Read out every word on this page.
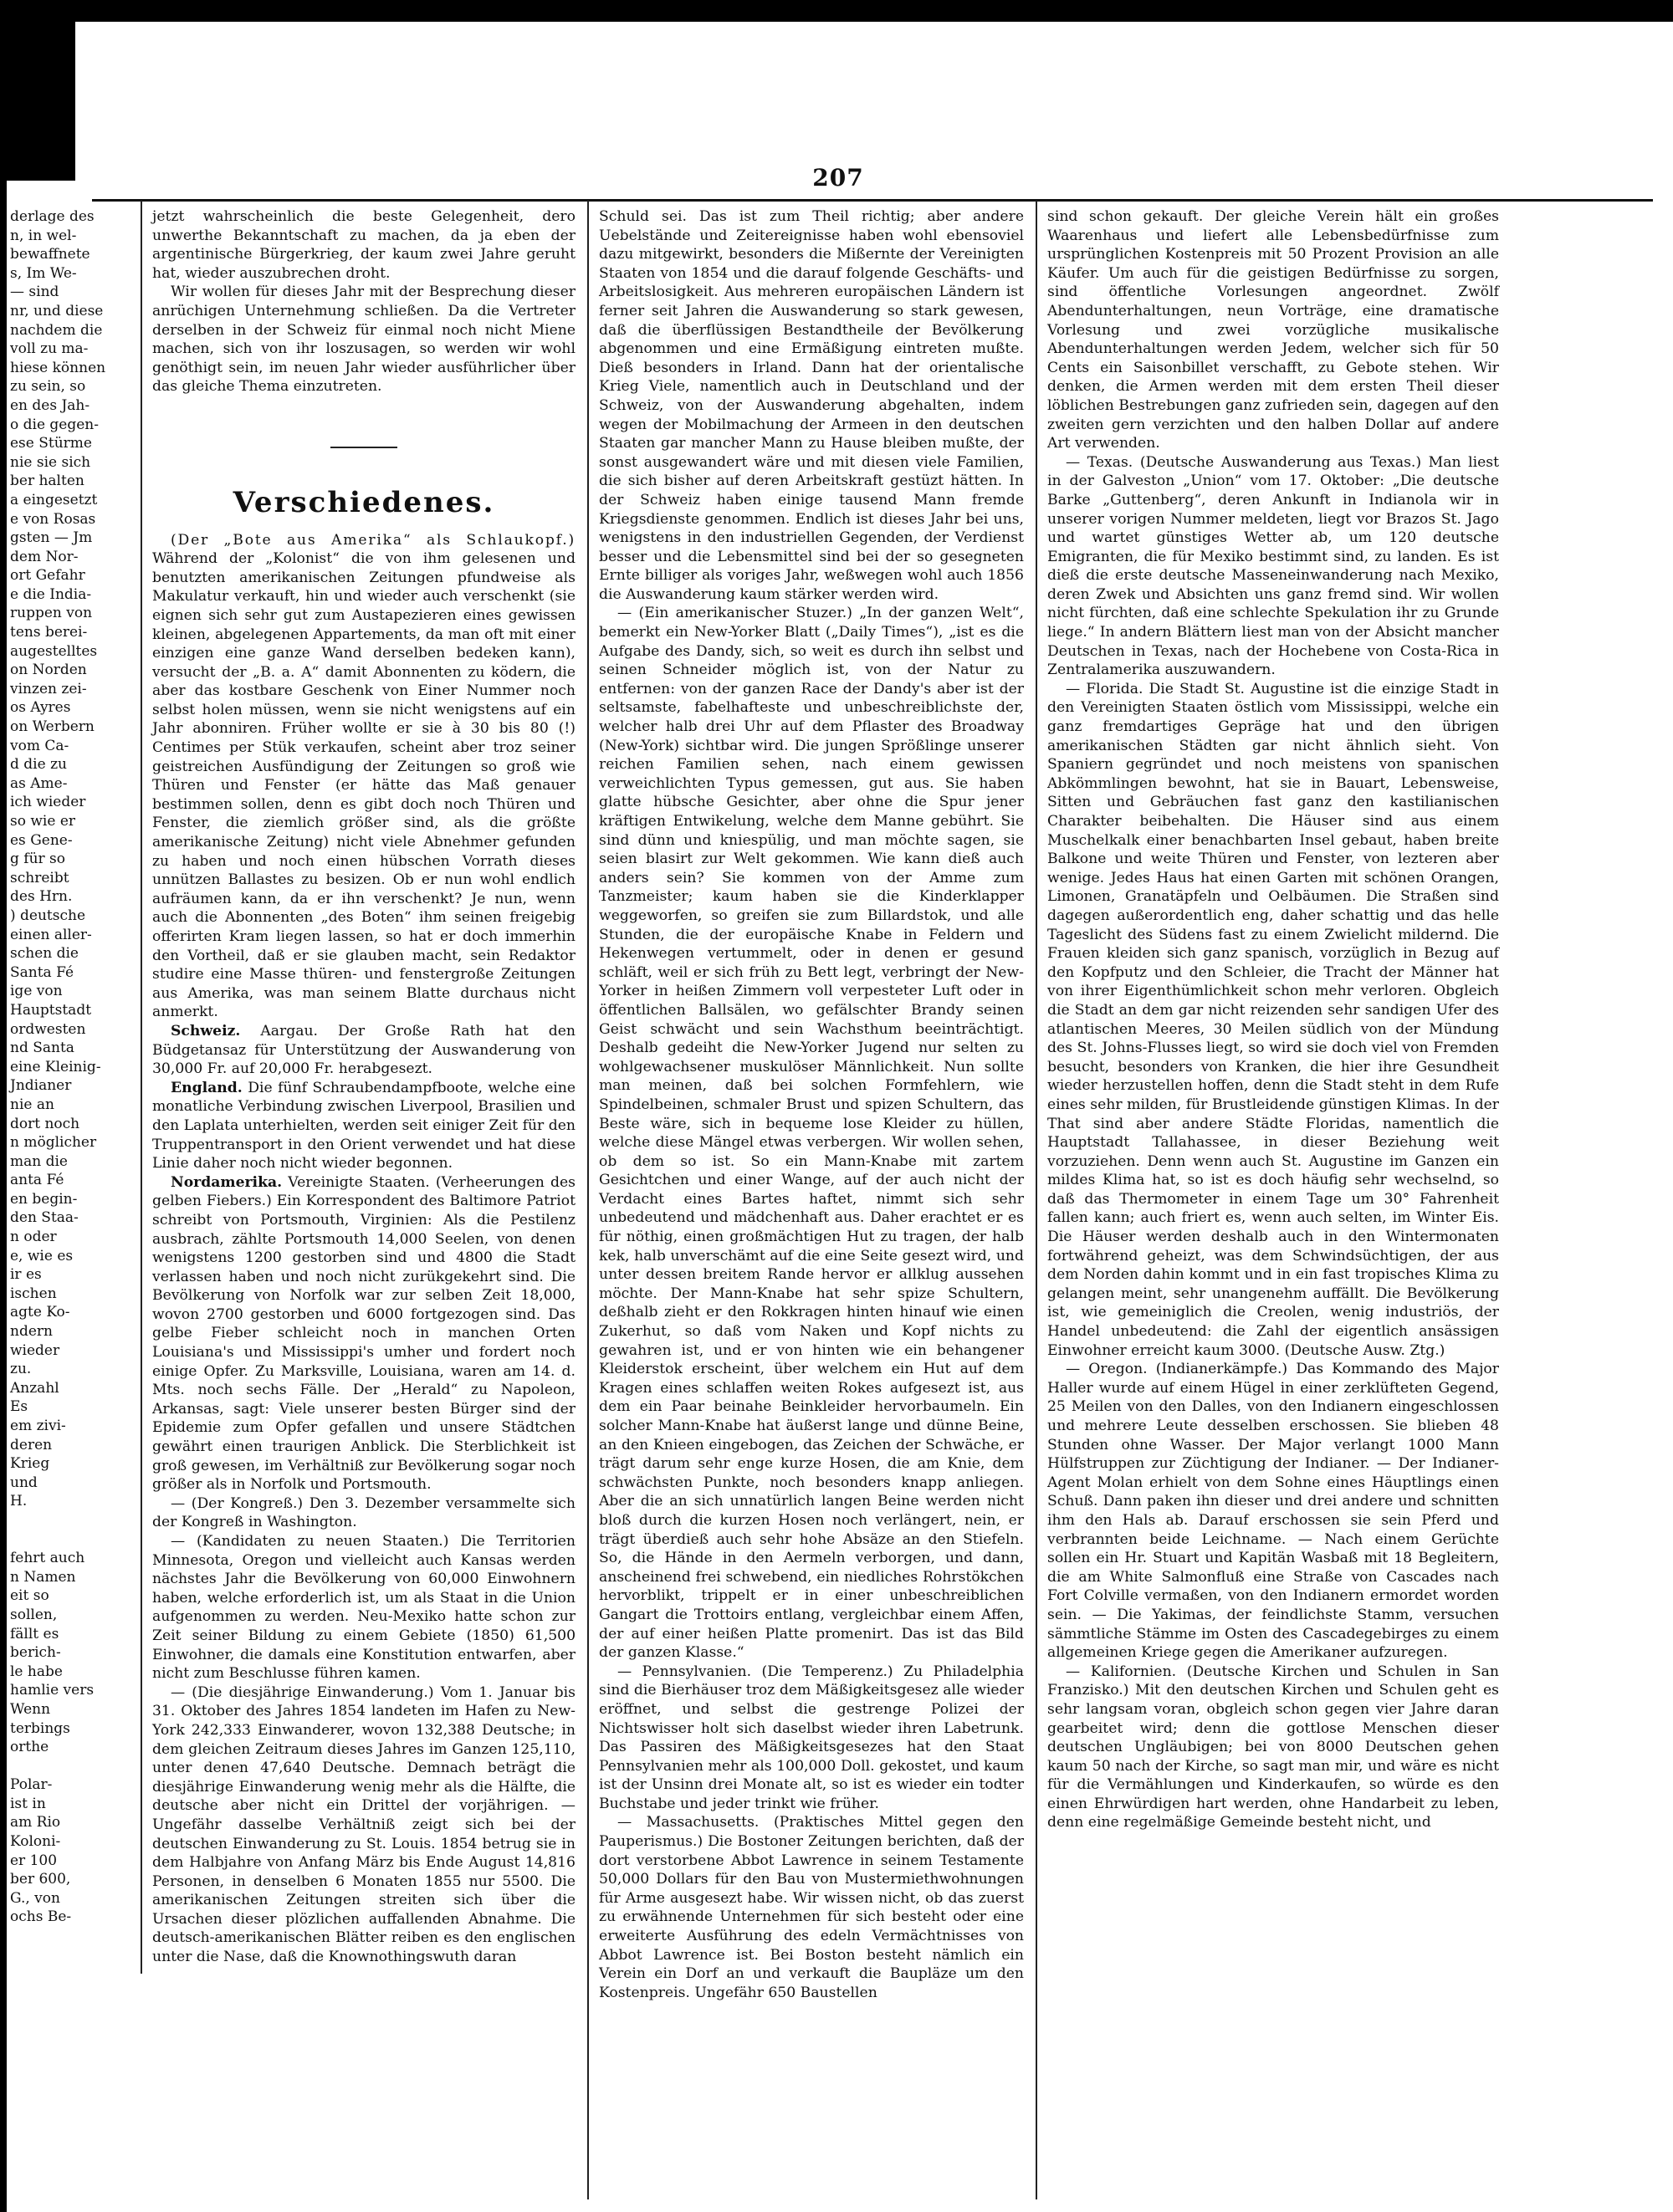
207
derlage des
n, in wel-
bewaffnete
s, Im We-
— sind
nr, und diese
nachdem die
voll zu ma-
hiese können
zu sein, so
en des Jah-
o die gegen-
ese Stürme
nie sie sich
ber halten
a eingesetzt
e von Rosas
gsten — Jm
dem Nor-
ort Gefahr
e die India-
ruppen von
tens berei-
augestelltes
on Norden
vinzen zei-
os Ayres
on Werbern
vom Ca-
d die zu
as Ame-
ich wieder
so wie er
es Gene-
g für so
schreibt
des Hrn.
) deutsche
einen aller-
schen die
Santa Fé
ige von
Hauptstadt
ordwesten
nd Santa
eine Kleinig-
Jndianer
nie an
dort noch
n möglicher
man die
anta Fé
en begin-
den Staa-
n oder
e, wie es
ir es
ischen
agte Ko-
ndern
wieder
zu.
Anzahl
Es
em zivi-
deren
Krieg
und
H.

fehrt auch
n Namen
eit so
sollen,
fällt es
berich-
le habe
hamlie vers
Wenn
terbings
orthe

Polar-
ist in
am Rio
Koloni-
er 100
ber 600,
G., von
ochs Be-

jetzt wahrscheinlich die beste Gelegenheit, dero unwerthe Bekanntschaft zu machen, da ja eben der argentinische Bürgerkrieg, der kaum zwei Jahre geruht hat, wieder auszubrechen droht.

Wir wollen für dieses Jahr mit der Besprechung dieser anrüchigen Unternehmung schließen. Da die Vertreter derselben in der Schweiz für einmal noch nicht Miene machen, sich von ihr loszusagen, so werden wir wohl genöthigt sein, im neuen Jahr wieder ausführlicher über das gleiche Thema einzutreten.

Verschiedenes.

(Der „Bote aus Amerika“ als Schlaukopf.) Während der „Kolonist“ die von ihm gelesenen und benutzten amerikanischen Zeitungen pfundweise als Makulatur verkauft, hin und wieder auch verschenkt (sie eignen sich sehr gut zum Austapezieren eines gewissen kleinen, abgelegenen Appartements, da man oft mit einer einzigen eine ganze Wand derselben bedeken kann), versucht der „B. a. A“ damit Abonnenten zu ködern, die aber das kostbare Geschenk von Einer Nummer noch selbst holen müssen, wenn sie nicht wenigstens auf ein Jahr abonniren. Früher wollte er sie à 30 bis 80 (!) Centimes per Stük verkaufen, scheint aber troz seiner geistreichen Ausfündigung der Zeitungen so groß wie Thüren und Fenster (er hätte das Maß genauer bestimmen sollen, denn es gibt doch noch Thüren und Fenster, die ziemlich größer sind, als die größte amerikanische Zeitung) nicht viele Abnehmer gefunden zu haben und noch einen hübschen Vorrath dieses unnützen Ballastes zu besizen. Ob er nun wohl endlich aufräumen kann, da er ihn verschenkt? Je nun, wenn auch die Abonnenten „des Boten“ ihm seinen freigebig offerirten Kram liegen lassen, so hat er doch immerhin den Vortheil, daß er sie glauben macht, sein Redaktor studire eine Masse thüren- und fenstergroße Zeitungen aus Amerika, was man seinem Blatte durchaus nicht anmerkt.

Schweiz. Aargau. Der Große Rath hat den Büdgetansaz für Unterstützung der Auswanderung von 30,000 Fr. auf 20,000 Fr. herabgesezt.

England. Die fünf Schraubendampfboote, welche eine monatliche Verbindung zwischen Liverpool, Brasilien und den Laplata unterhielten, werden seit einiger Zeit für den Truppentransport in den Orient verwendet und hat diese Linie daher noch nicht wieder begonnen.

Nordamerika. Vereinigte Staaten. (Verheerungen des gelben Fiebers.) Ein Korrespondent des Baltimore Patriot schreibt von Portsmouth, Virginien: Als die Pestilenz ausbrach, zählte Portsmouth 14,000 Seelen, von denen wenigstens 1200 gestorben sind und 4800 die Stadt verlassen haben und noch nicht zurükgekehrt sind. Die Bevölkerung von Norfolk war zur selben Zeit 18,000, wovon 2700 gestorben und 6000 fortgezogen sind. Das gelbe Fieber schleicht noch in manchen Orten Louisiana's und Mississippi's umher und fordert noch einige Opfer. Zu Marksville, Louisiana, waren am 14. d. Mts. noch sechs Fälle. Der „Herald“ zu Napoleon, Arkansas, sagt: Viele unserer besten Bürger sind der Epidemie zum Opfer gefallen und unsere Städtchen gewährt einen traurigen Anblick. Die Sterblichkeit ist groß gewesen, im Verhältniß zur Bevölkerung sogar noch größer als in Norfolk und Portsmouth.

— (Der Kongreß.) Den 3. Dezember versammelte sich der Kongreß in Washington.

— (Kandidaten zu neuen Staaten.) Die Territorien Minnesota, Oregon und vielleicht auch Kansas werden nächstes Jahr die Bevölkerung von 60,000 Einwohnern haben, welche erforderlich ist, um als Staat in die Union aufgenommen zu werden. Neu-Mexiko hatte schon zur Zeit seiner Bildung zu einem Gebiete (1850) 61,500 Einwohner, die damals eine Konstitution entwarfen, aber nicht zum Beschlusse führen kamen.

— (Die diesjährige Einwanderung.) Vom 1. Januar bis 31. Oktober des Jahres 1854 landeten im Hafen zu New-York 242,333 Einwanderer, wovon 132,388 Deutsche; in dem gleichen Zeitraum dieses Jahres im Ganzen 125,110, unter denen 47,640 Deutsche. Demnach beträgt die diesjährige Einwanderung wenig mehr als die Hälfte, die deutsche aber nicht ein Drittel der vorjährigen. — Ungefähr dasselbe Verhältniß zeigt sich bei der deutschen Einwanderung zu St. Louis. 1854 betrug sie in dem Halbjahre von Anfang März bis Ende August 14,816 Personen, in denselben 6 Monaten 1855 nur 5500. Die amerikanischen Zeitungen streiten sich über die Ursachen dieser plözlichen auffallenden Abnahme. Die deutsch-amerikanischen Blätter reiben es den englischen unter die Nase, daß die Knownothingswuth daran

Schuld sei. Das ist zum Theil richtig; aber andere Uebelstände und Zeitereignisse haben wohl ebensoviel dazu mitgewirkt, besonders die Mißernte der Vereinigten Staaten von 1854 und die darauf folgende Geschäfts- und Arbeitslosigkeit. Aus mehreren europäischen Ländern ist ferner seit Jahren die Auswanderung so stark gewesen, daß die überflüssigen Bestandtheile der Bevölkerung abgenommen und eine Ermäßigung eintreten mußte. Dieß besonders in Irland. Dann hat der orientalische Krieg Viele, namentlich auch in Deutschland und der Schweiz, von der Auswanderung abgehalten, indem wegen der Mobilmachung der Armeen in den deutschen Staaten gar mancher Mann zu Hause bleiben mußte, der sonst ausgewandert wäre und mit diesen viele Familien, die sich bisher auf deren Arbeitskraft gestüzt hätten. In der Schweiz haben einige tausend Mann fremde Kriegsdienste genommen. Endlich ist dieses Jahr bei uns, wenigstens in den industriellen Gegenden, der Verdienst besser und die Lebensmittel sind bei der so gesegneten Ernte billiger als voriges Jahr, weßwegen wohl auch 1856 die Auswanderung kaum stärker werden wird.

— (Ein amerikanischer Stuzer.) „In der ganzen Welt“, bemerkt ein New-Yorker Blatt („Daily Times“), „ist es die Aufgabe des Dandy, sich, so weit es durch ihn selbst und seinen Schneider möglich ist, von der Natur zu entfernen: von der ganzen Race der Dandy's aber ist der seltsamste, fabelhafteste und unbeschreiblichste der, welcher halb drei Uhr auf dem Pflaster des Broadway (New-York) sichtbar wird. Die jungen Sprößlinge unserer reichen Familien sehen, nach einem gewissen verweichlichten Typus gemessen, gut aus. Sie haben glatte hübsche Gesichter, aber ohne die Spur jener kräftigen Entwikelung, welche dem Manne gebührt. Sie sind dünn und kniespülig, und man möchte sagen, sie seien blasirt zur Welt gekommen. Wie kann dieß auch anders sein? Sie kommen von der Amme zum Tanzmeister; kaum haben sie die Kinderklapper weggeworfen, so greifen sie zum Billardstok, und alle Stunden, die der europäische Knabe in Feldern und Hekenwegen vertummelt, oder in denen er gesund schläft, weil er sich früh zu Bett legt, verbringt der New-Yorker in heißen Zimmern voll verpesteter Luft oder in öffentlichen Ballsälen, wo gefälschter Brandy seinen Geist schwächt und sein Wachsthum beeinträchtigt. Deshalb gedeiht die New-Yorker Jugend nur selten zu wohlgewachsener muskulöser Männlichkeit. Nun sollte man meinen, daß bei solchen Formfehlern, wie Spindelbeinen, schmaler Brust und spizen Schultern, das Beste wäre, sich in bequeme lose Kleider zu hüllen, welche diese Mängel etwas verbergen. Wir wollen sehen, ob dem so ist. So ein Mann-Knabe mit zartem Gesichtchen und einer Wange, auf der auch nicht der Verdacht eines Bartes haftet, nimmt sich sehr unbedeutend und mädchenhaft aus. Daher erachtet er es für nöthig, einen großmächtigen Hut zu tragen, der halb kek, halb unverschämt auf die eine Seite gesezt wird, und unter dessen breitem Rande hervor er allklug aussehen möchte. Der Mann-Knabe hat sehr spize Schultern, deßhalb zieht er den Rokkragen hinten hinauf wie einen Zukerhut, so daß vom Naken und Kopf nichts zu gewahren ist, und er von hinten wie ein behangener Kleiderstok erscheint, über welchem ein Hut auf dem Kragen eines schlaffen weiten Rokes aufgesezt ist, aus dem ein Paar beinahe Beinkleider hervorbaumeln. Ein solcher Mann-Knabe hat äußerst lange und dünne Beine, an den Knieen eingebogen, das Zeichen der Schwäche, er trägt darum sehr enge kurze Hosen, die am Knie, dem schwächsten Punkte, noch besonders knapp anliegen. Aber die an sich unnatürlich langen Beine werden nicht bloß durch die kurzen Hosen noch verlängert, nein, er trägt überdieß auch sehr hohe Absäze an den Stiefeln. So, die Hände in den Aermeln verborgen, und dann, anscheinend frei schwebend, ein niedliches Rohrstökchen hervorblikt, trippelt er in einer unbeschreiblichen Gangart die Trottoirs entlang, vergleichbar einem Affen, der auf einer heißen Platte promenirt. Das ist das Bild der ganzen Klasse.“

— Pennsylvanien. (Die Temperenz.) Zu Philadelphia sind die Bierhäuser troz dem Mäßigkeitsgesez alle wieder eröffnet, und selbst die gestrenge Polizei der Nichtswisser holt sich daselbst wieder ihren Labetrunk. Das Passiren des Mäßigkeitsgesezes hat den Staat Pennsylvanien mehr als 100,000 Doll. gekostet, und kaum ist der Unsinn drei Monate alt, so ist es wieder ein todter Buchstabe und jeder trinkt wie früher.

— Massachusetts. (Praktisches Mittel gegen den Pauperismus.) Die Bostoner Zeitungen berichten, daß der dort verstorbene Abbot Lawrence in seinem Testamente 50,000 Dollars für den Bau von Mustermiethwohnungen für Arme ausgesezt habe. Wir wissen nicht, ob das zuerst zu erwähnende Unternehmen für sich besteht oder eine erweiterte Ausführung des edeln Vermächtnisses von Abbot Lawrence ist. Bei Boston besteht nämlich ein Verein ein Dorf an und verkauft die Baupläze um den Kostenpreis. Ungefähr 650 Baustellen

sind schon gekauft. Der gleiche Verein hält ein großes Waarenhaus und liefert alle Lebensbedürfnisse zum ursprünglichen Kostenpreis mit 50 Prozent Provision an alle Käufer. Um auch für die geistigen Bedürfnisse zu sorgen, sind öffentliche Vorlesungen angeordnet. Zwölf Abendunterhaltungen, neun Vorträge, eine dramatische Vorlesung und zwei vorzügliche musikalische Abendunterhaltungen werden Jedem, welcher sich für 50 Cents ein Saisonbillet verschafft, zu Gebote stehen. Wir denken, die Armen werden mit dem ersten Theil dieser löblichen Bestrebungen ganz zufrieden sein, dagegen auf den zweiten gern verzichten und den halben Dollar auf andere Art verwenden.

— Texas. (Deutsche Auswanderung aus Texas.) Man liest in der Galveston „Union“ vom 17. Oktober: „Die deutsche Barke „Guttenberg“, deren Ankunft in Indianola wir in unserer vorigen Nummer meldeten, liegt vor Brazos St. Jago und wartet günstiges Wetter ab, um 120 deutsche Emigranten, die für Mexiko bestimmt sind, zu landen. Es ist dieß die erste deutsche Masseneinwanderung nach Mexiko, deren Zwek und Absichten uns ganz fremd sind. Wir wollen nicht fürchten, daß eine schlechte Spekulation ihr zu Grunde liege.“ In andern Blättern liest man von der Absicht mancher Deutschen in Texas, nach der Hochebene von Costa-Rica in Zentralamerika auszuwandern.

— Florida. Die Stadt St. Augustine ist die einzige Stadt in den Vereinigten Staaten östlich vom Mississippi, welche ein ganz fremdartiges Gepräge hat und den übrigen amerikanischen Städten gar nicht ähnlich sieht. Von Spaniern gegründet und noch meistens von spanischen Abkömmlingen bewohnt, hat sie in Bauart, Lebensweise, Sitten und Gebräuchen fast ganz den kastilianischen Charakter beibehalten. Die Häuser sind aus einem Muschelkalk einer benachbarten Insel gebaut, haben breite Balkone und weite Thüren und Fenster, von lezteren aber wenige. Jedes Haus hat einen Garten mit schönen Orangen, Limonen, Granatäpfeln und Oelbäumen. Die Straßen sind dagegen außerordentlich eng, daher schattig und das helle Tageslicht des Südens fast zu einem Zwielicht mildernd. Die Frauen kleiden sich ganz spanisch, vorzüglich in Bezug auf den Kopfputz und den Schleier, die Tracht der Männer hat von ihrer Eigenthümlichkeit schon mehr verloren. Obgleich die Stadt an dem gar nicht reizenden sehr sandigen Ufer des atlantischen Meeres, 30 Meilen südlich von der Mündung des St. Johns-Flusses liegt, so wird sie doch viel von Fremden besucht, besonders von Kranken, die hier ihre Gesundheit wieder herzustellen hoffen, denn die Stadt steht in dem Rufe eines sehr milden, für Brustleidende günstigen Klimas. In der That sind aber andere Städte Floridas, namentlich die Hauptstadt Tallahassee, in dieser Beziehung weit vorzuziehen. Denn wenn auch St. Augustine im Ganzen ein mildes Klima hat, so ist es doch häufig sehr wechselnd, so daß das Thermometer in einem Tage um 30° Fahrenheit fallen kann; auch friert es, wenn auch selten, im Winter Eis. Die Häuser werden deshalb auch in den Wintermonaten fortwährend geheizt, was dem Schwindsüchtigen, der aus dem Norden dahin kommt und in ein fast tropisches Klima zu gelangen meint, sehr unangenehm auffällt. Die Bevölkerung ist, wie gemeiniglich die Creolen, wenig industriös, der Handel unbedeutend: die Zahl der eigentlich ansässigen Einwohner erreicht kaum 3000. (Deutsche Ausw. Ztg.)

— Oregon. (Indianerkämpfe.) Das Kommando des Major Haller wurde auf einem Hügel in einer zerklüfteten Gegend, 25 Meilen von den Dalles, von den Indianern eingeschlossen und mehrere Leute desselben erschossen. Sie blieben 48 Stunden ohne Wasser. Der Major verlangt 1000 Mann Hülfstruppen zur Züchtigung der Indianer. — Der Indianer-Agent Molan erhielt von dem Sohne eines Häuptlings einen Schuß. Dann paken ihn dieser und drei andere und schnitten ihm den Hals ab. Darauf erschossen sie sein Pferd und verbrannten beide Leichname. — Nach einem Gerüchte sollen ein Hr. Stuart und Kapitän Wasbaß mit 18 Begleitern, die am White Salmonfluß eine Straße von Cascades nach Fort Colville vermaßen, von den Indianern ermordet worden sein. — Die Yakimas, der feindlichste Stamm, versuchen sämmtliche Stämme im Osten des Cascadegebirges zu einem allgemeinen Kriege gegen die Amerikaner aufzuregen.

— Kalifornien. (Deutsche Kirchen und Schulen in San Franzisko.) Mit den deutschen Kirchen und Schulen geht es sehr langsam voran, obgleich schon gegen vier Jahre daran gearbeitet wird; denn die gottlose Menschen dieser deutschen Ungläubigen; bei von 8000 Deutschen gehen kaum 50 nach der Kirche, so sagt man mir, und wäre es nicht für die Vermählungen und Kinderkaufen, so würde es den einen Ehrwürdigen hart werden, ohne Handarbeit zu leben, denn eine regelmäßige Gemeinde besteht nicht, und
